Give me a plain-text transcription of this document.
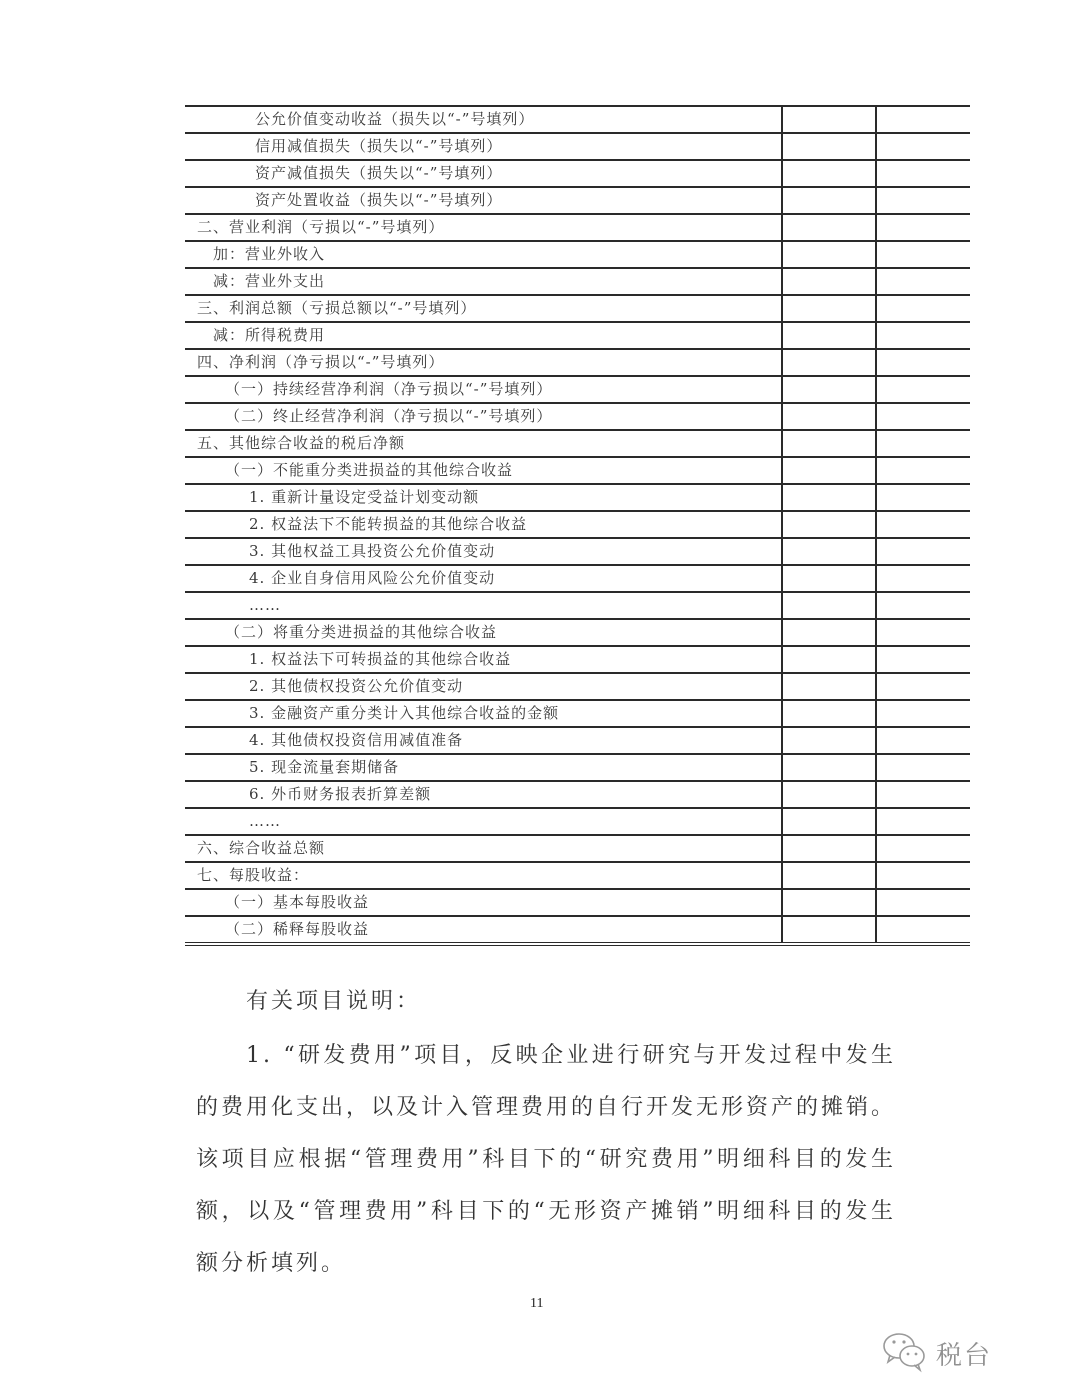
公允价值变动收益（损失以“-”号填列）		
信用减值损失（损失以“-”号填列）		
资产减值损失（损失以“-”号填列）		
资产处置收益（损失以“-”号填列）		
二、营业利润（亏损以“-”号填列）		
加：营业外收入		
减：营业外支出		
三、利润总额（亏损总额以“-”号填列）		
减：所得税费用		
四、净利润（净亏损以“-”号填列）		
（一）持续经营净利润（净亏损以“-”号填列）		
（二）终止经营净利润（净亏损以“-”号填列）		
五、其他综合收益的税后净额		
（一）不能重分类进损益的其他综合收益		
1. 重新计量设定受益计划变动额		
2. 权益法下不能转损益的其他综合收益		
3. 其他权益工具投资公允价值变动		
4. 企业自身信用风险公允价值变动		
……		
（二）将重分类进损益的其他综合收益		
1. 权益法下可转损益的其他综合收益		
2. 其他债权投资公允价值变动		
3. 金融资产重分类计入其他综合收益的金额		
4. 其他债权投资信用减值准备		
5. 现金流量套期储备		
6. 外币财务报表折算差额		
……		
六、综合收益总额		
七、每股收益：		
（一）基本每股收益		
（二）稀释每股收益		

有关项目说明：

1. “研发费用”项目，反映企业进行研究与开发过程中发生的费用化支出，以及计入管理费用的自行开发无形资产的摊销。该项目应根据“管理费用”科目下的“研究费用”明细科目的发生额，以及“管理费用”科目下的“无形资产摊销”明细科目的发生额分析填列。

11
税台
